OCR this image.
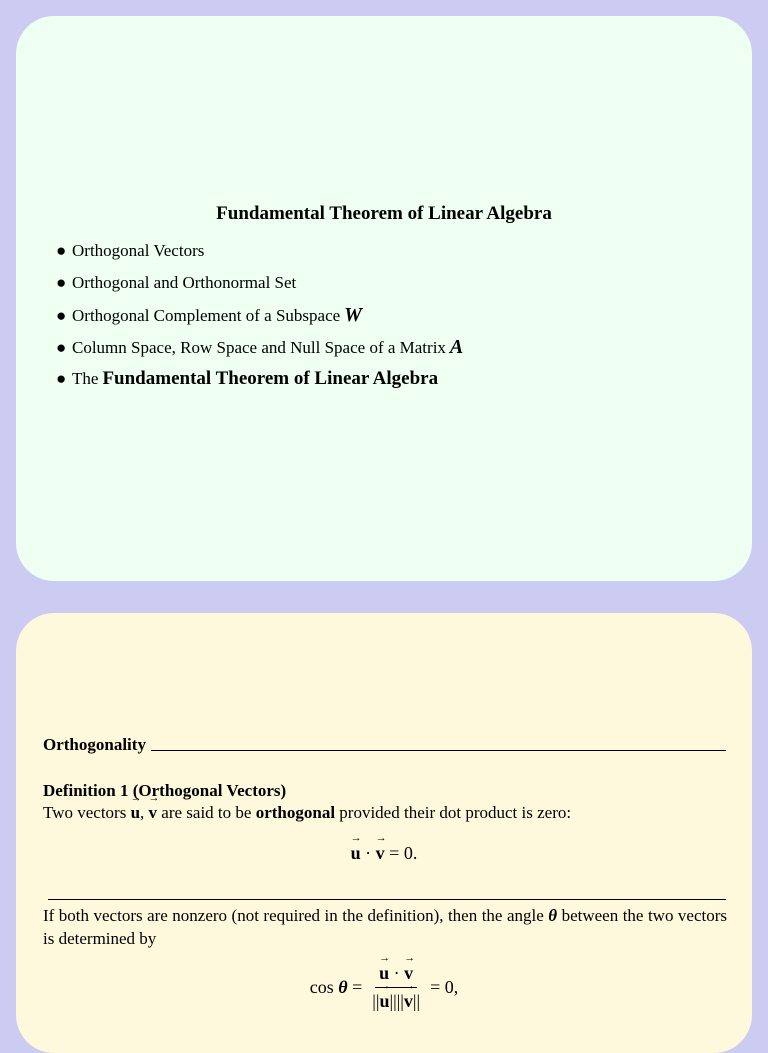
Fundamental Theorem of Linear Algebra
● Orthogonal Vectors
● Orthogonal and Orthonormal Set
● Orthogonal Complement of a Subspace W
● Column Space, Row Space and Null Space of a Matrix A
● The Fundamental Theorem of Linear Algebra
Orthogonality
Definition 1 (Orthogonal Vectors)
Two vectors → u, → v are said to be orthogonal provided their dot product is zero:
→ u · → v = 0.
If both vectors are nonzero (not required in the definition), then the angle θ between the two vectors is determined by
cos
θ
= → $\frac{u \cdot \to v}{||\to u||||\to v||} = 0$,
